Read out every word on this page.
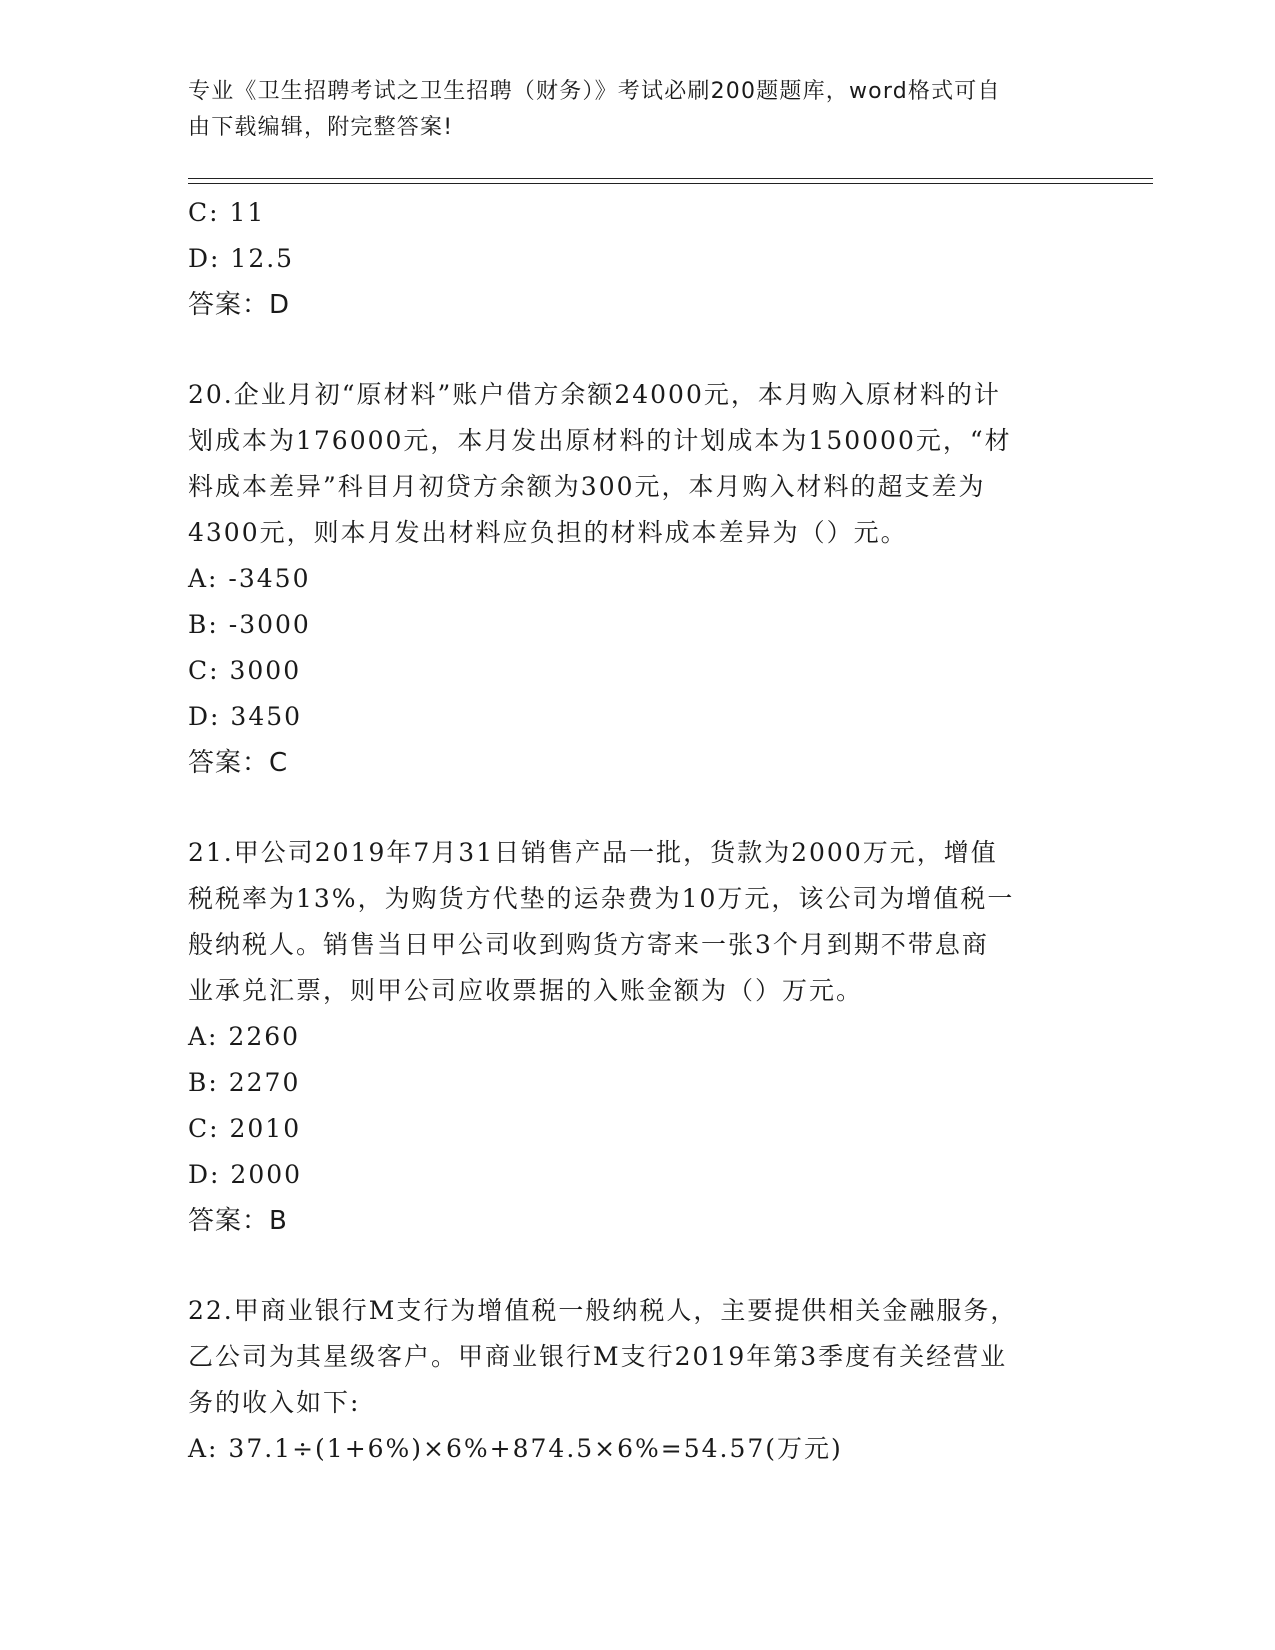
专业《卫生招聘考试之卫生招聘（财务）》考试必刷200题题库，word格式可自
由下载编辑，附完整答案!
C: 11
D: 12.5
答案：D
20.企业月初“原材料”账户借方余额24000元，本月购入原材料的计
划成本为176000元，本月发出原材料的计划成本为150000元，“材
料成本差异”科目月初贷方余额为300元，本月购入材料的超支差为
4300元，则本月发出材料应负担的材料成本差异为（）元。
A: -3450
B: -3000
C: 3000
D: 3450
答案：C
21.甲公司2019年7月31日销售产品一批，货款为2000万元，增值
税税率为13%，为购货方代垫的运杂费为10万元，该公司为增值税一
般纳税人。销售当日甲公司收到购货方寄来一张3个月到期不带息商
业承兑汇票，则甲公司应收票据的入账金额为（）万元。
A: 2260
B: 2270
C: 2010
D: 2000
答案：B
22.甲商业银行M支行为增值税一般纳税人，主要提供相关金融服务，
乙公司为其星级客户。甲商业银行M支行2019年第3季度有关经营业
务的收入如下:
A: 37.1÷(1+6%)×6%+874.5×6%=54.57(万元)
